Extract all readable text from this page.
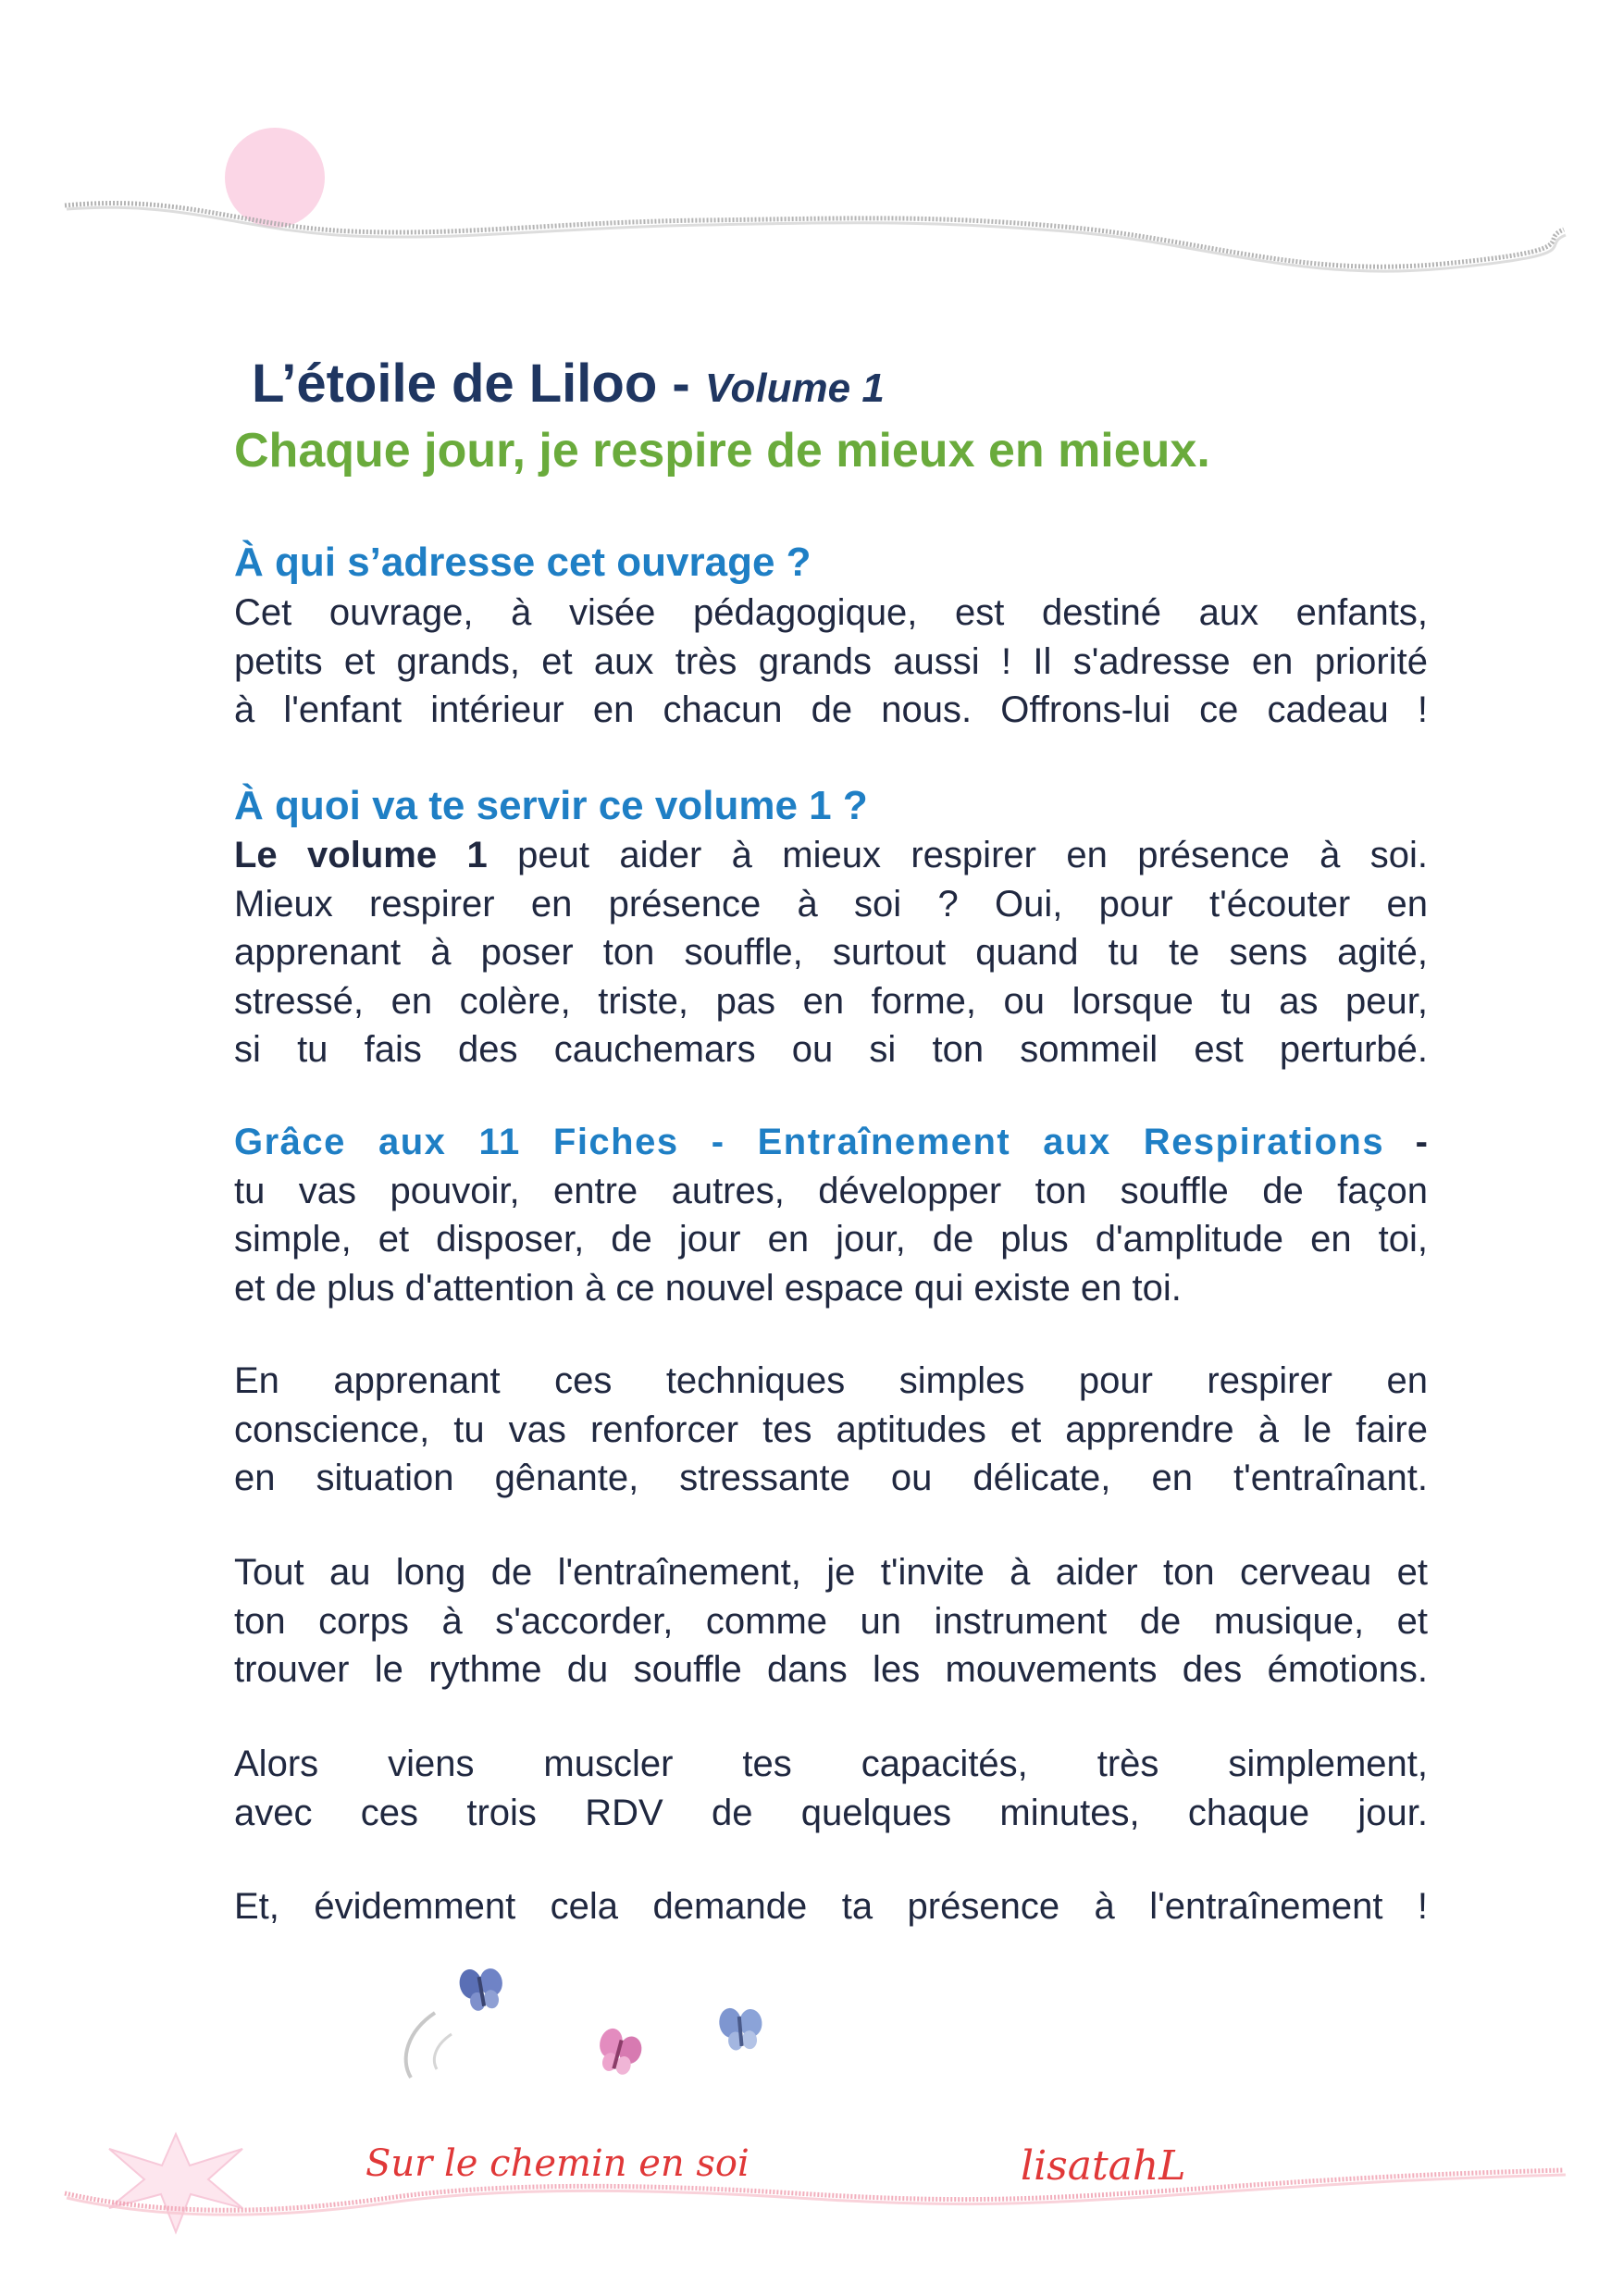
L’étoile de Liloo - Volume 1
Chaque jour, je respire de mieux en mieux.
À qui s’adresse cet ouvrage ?
Cet ouvrage, à visée pédagogique, est destiné aux enfants,
petits et grands, et aux très grands aussi ! Il s'adresse en priorité
à l'enfant intérieur en chacun de nous. Offrons-lui ce cadeau !
À quoi va te servir ce volume 1 ?
Le volume 1 peut aider à mieux respirer en présence à soi.
Mieux respirer en présence à soi ? Oui, pour t'écouter en
apprenant à poser ton souffle, surtout quand tu te sens agité,
stressé, en colère, triste, pas en forme, ou lorsque tu as peur,
si tu fais des cauchemars ou si ton sommeil est perturbé.
Grâce aux 11 Fiches - Entraînement aux Respirations -
tu vas pouvoir, entre autres, développer ton souffle de façon
simple, et disposer, de jour en jour, de plus d'amplitude en toi,
et de plus d'attention à ce nouvel espace qui existe en toi.
En apprenant ces techniques simples pour respirer en
conscience, tu vas renforcer tes aptitudes et apprendre à le faire
en situation gênante, stressante ou délicate, en t'entraînant.
Tout au long de l'entraînement, je t'invite à aider ton cerveau et
ton corps à s'accorder, comme un instrument de musique, et
trouver le rythme du souffle dans les mouvements des émotions.
Alors viens muscler tes capacités, très simplement,
avec ces trois RDV de quelques minutes, chaque jour.
Et, évidemment cela demande ta présence à l'entraînement !
Sur le chemin en soi	lisatahL
